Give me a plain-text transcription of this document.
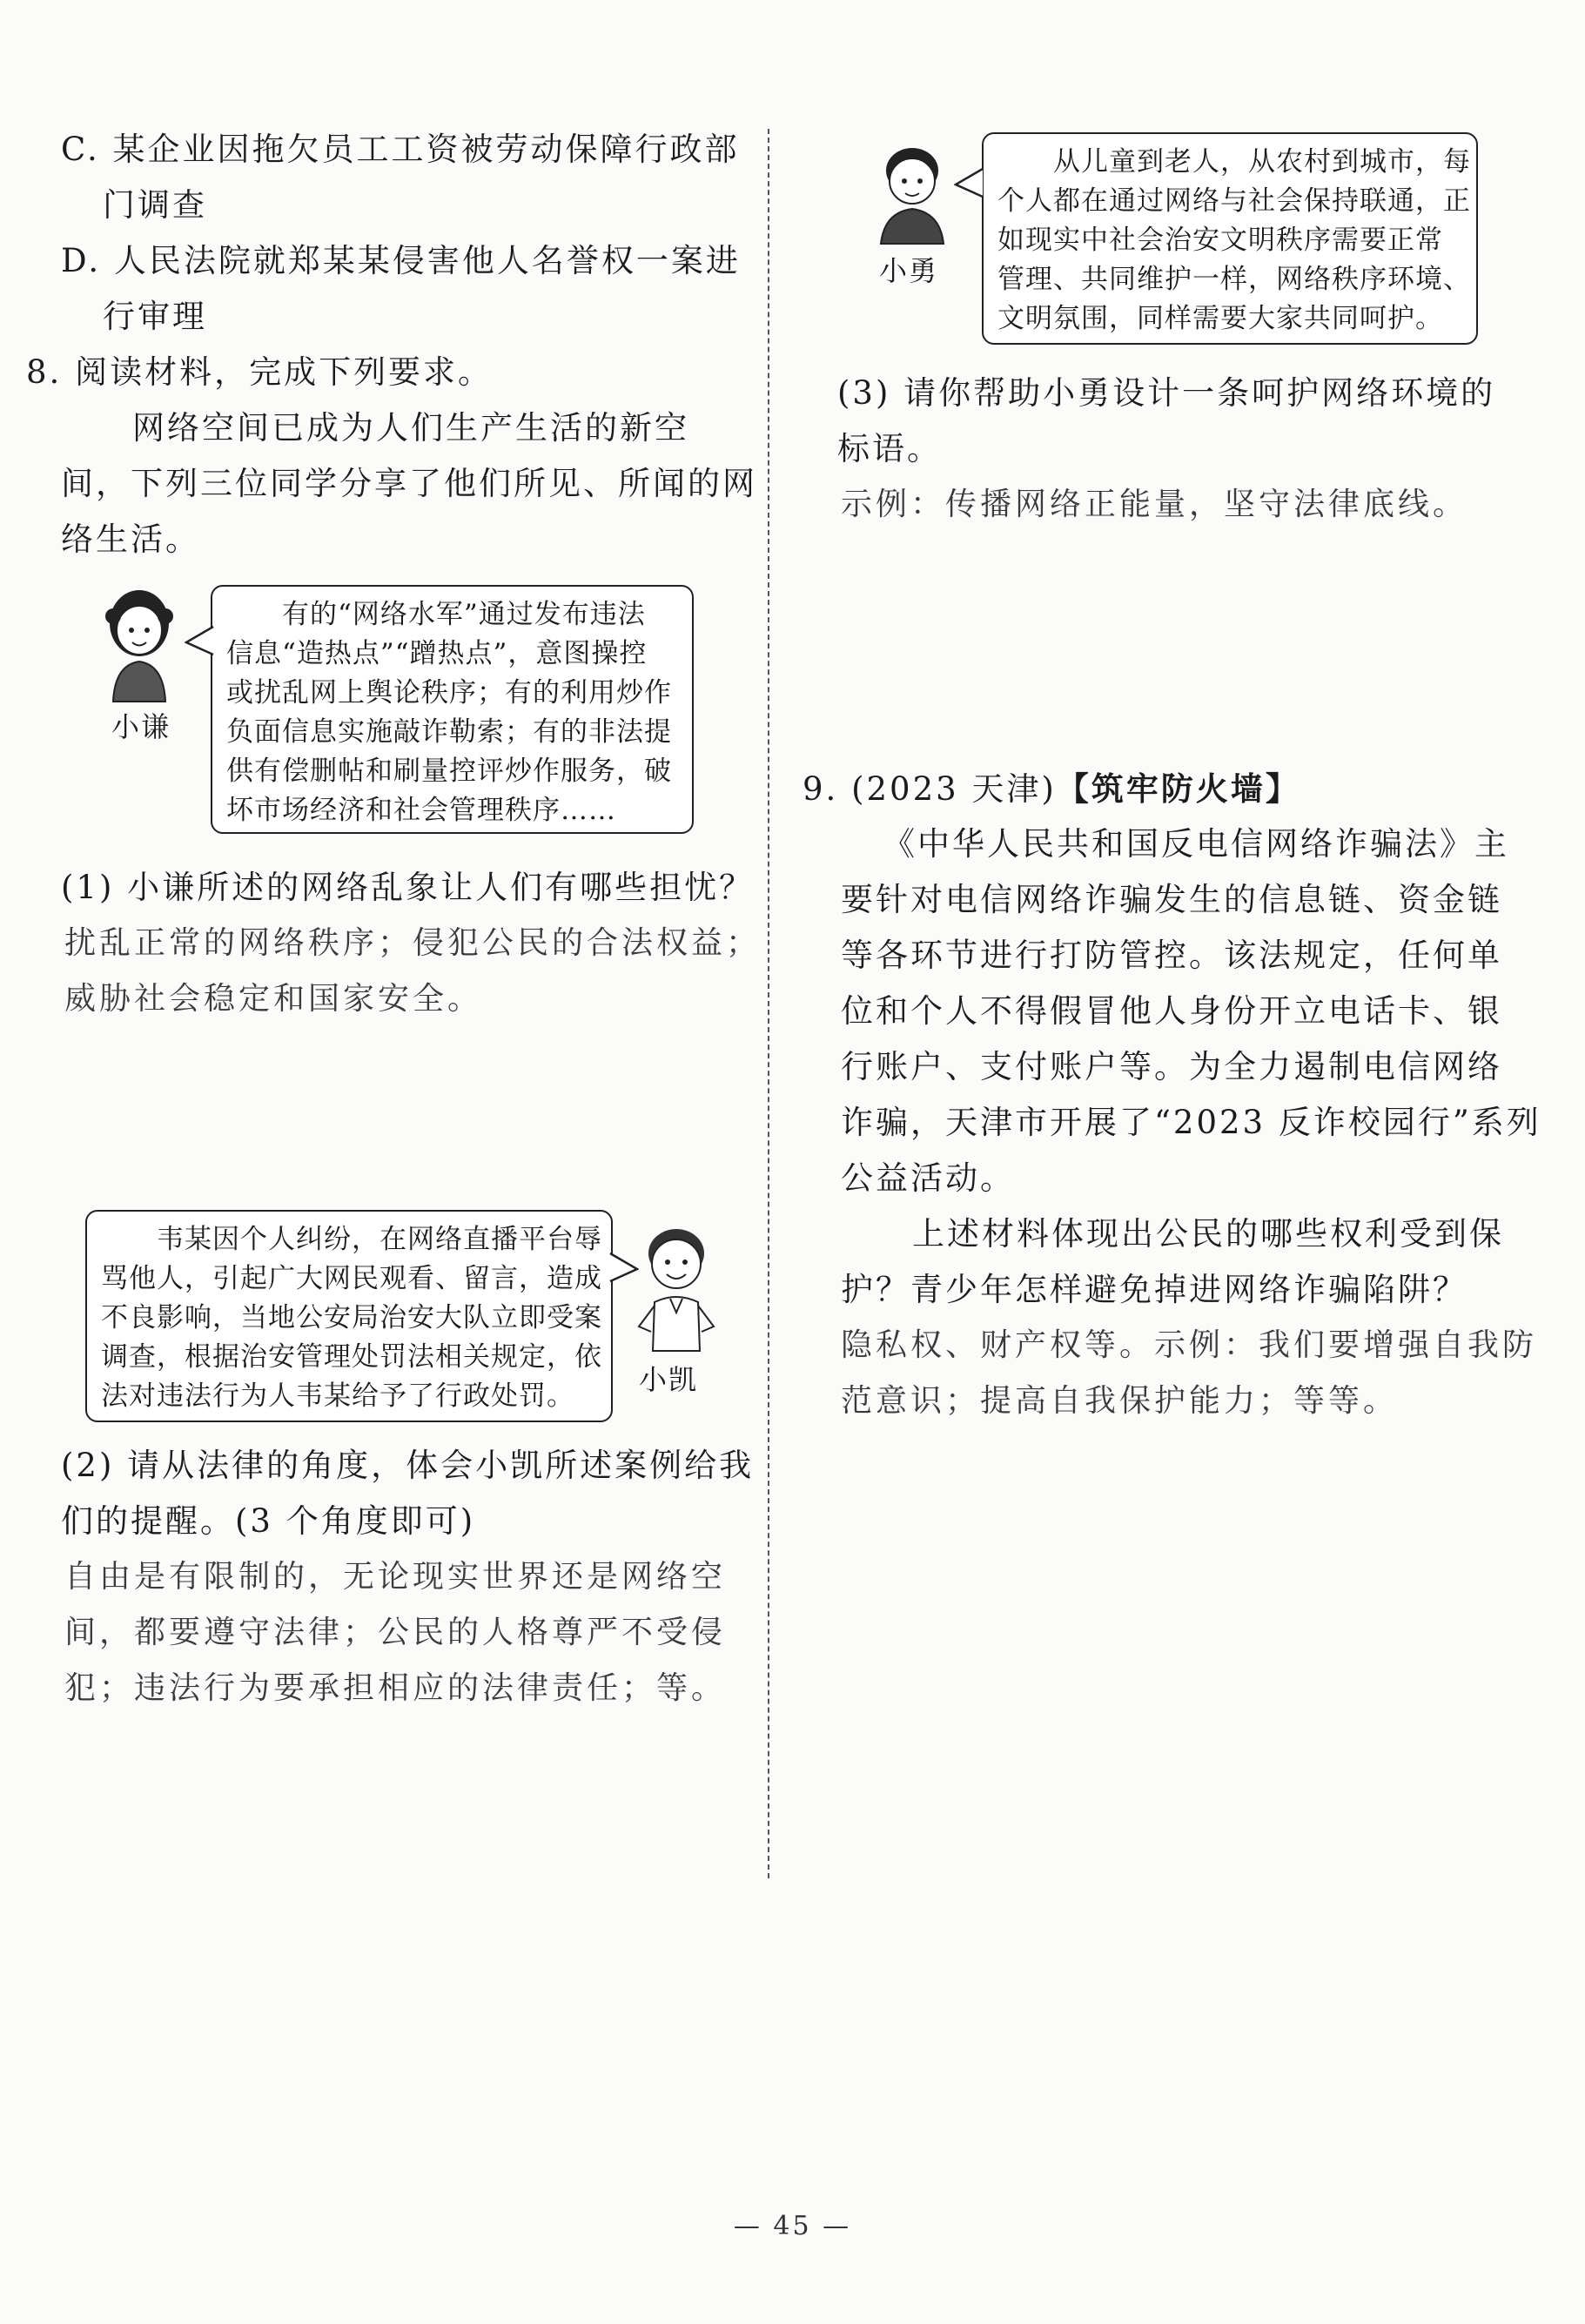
C. 某企业因拖欠员工工资被劳动保障行政部
门调查
D. 人民法院就郑某某侵害他人名誉权一案进
行审理
8. 阅读材料，完成下列要求。
网络空间已成为人们生产生活的新空
间，下列三位同学分享了他们所见、所闻的网
络生活。
小谦
有的“网络水军”通过发布违法
信息“造热点”“蹭热点”，意图操控
或扰乱网上舆论秩序；有的利用炒作
负面信息实施敲诈勒索；有的非法提
供有偿删帖和刷量控评炒作服务，破
坏市场经济和社会管理秩序……
(1) 小谦所述的网络乱象让人们有哪些担忧？
扰乱正常的网络秩序；侵犯公民的合法权益；
威胁社会稳定和国家安全。
韦某因个人纠纷，在网络直播平台辱
骂他人，引起广大网民观看、留言，造成
不良影响，当地公安局治安大队立即受案
调查，根据治安管理处罚法相关规定，依
法对违法行为人韦某给予了行政处罚。	小凯
(2) 请从法律的角度，体会小凯所述案例给我
们的提醒。(3 个角度即可)
自由是有限制的，无论现实世界还是网络空
间，都要遵守法律；公民的人格尊严不受侵
犯；违法行为要承担相应的法律责任；等。
小勇
从儿童到老人，从农村到城市，每
个人都在通过网络与社会保持联通，正
如现实中社会治安文明秩序需要正常
管理、共同维护一样，网络秩序环境、
文明氛围，同样需要大家共同呵护。
(3) 请你帮助小勇设计一条呵护网络环境的
标语。
示例：传播网络正能量，坚守法律底线。
9. (2023 天津)【筑牢防火墙】
《中华人民共和国反电信网络诈骗法》主
要针对电信网络诈骗发生的信息链、资金链
等各环节进行打防管控。该法规定，任何单
位和个人不得假冒他人身份开立电话卡、银
行账户、支付账户等。为全力遏制电信网络
诈骗，天津市开展了“2023 反诈校园行”系列
公益活动。
上述材料体现出公民的哪些权利受到保
护？青少年怎样避免掉进网络诈骗陷阱？
隐私权、财产权等。示例：我们要增强自我防
范意识；提高自我保护能力；等等。
— 45 —
